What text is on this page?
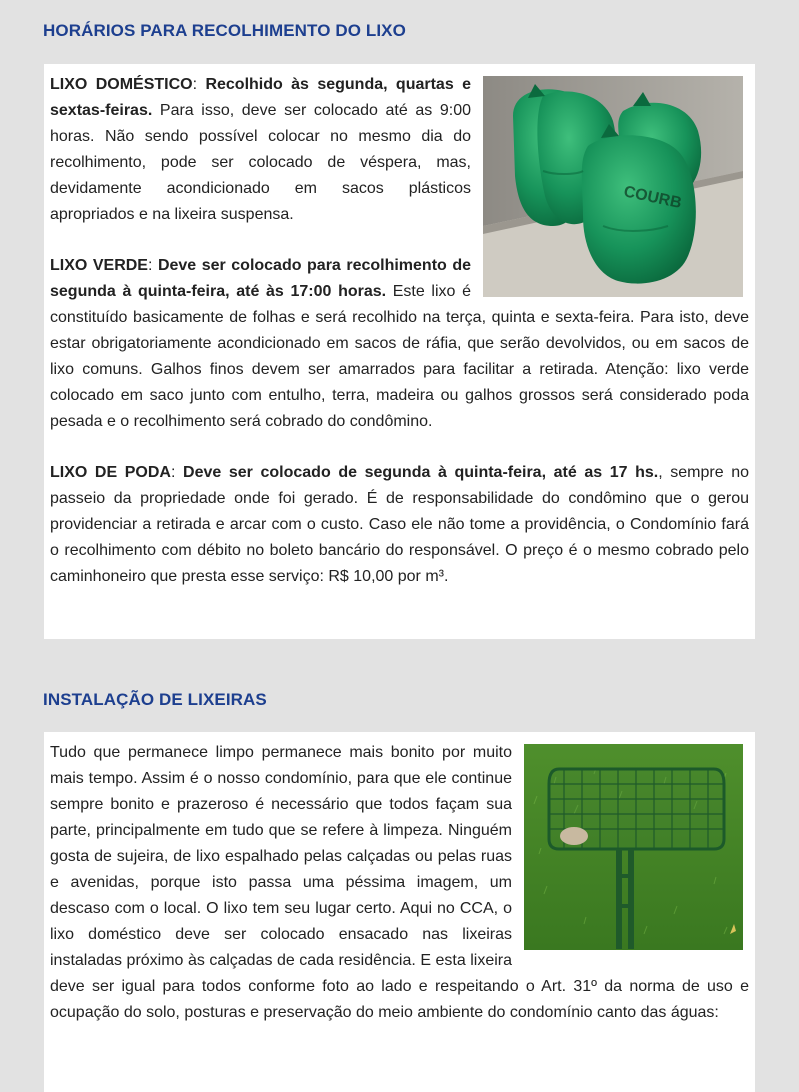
HORÁRIOS PARA RECOLHIMENTO DO LIXO
COURB

LIXO DOMÉSTICO: Recolhido às segunda, quartas e sextas-feiras. Para isso, deve ser colocado até as 9:00 horas. Não sendo possível colocar no mesmo dia do recolhimento, pode ser colocado de véspera, mas, devidamente acondicionado em sacos plásticos apropriados e na lixeira suspensa.

LIXO VERDE: Deve ser colocado para recolhimento de segunda à quinta-feira, até às 17:00 horas. Este lixo é constituído basicamente de folhas e será recolhido na terça, quinta e sexta-feira. Para isto, deve estar obrigatoriamente acondicionado em sacos de ráfia, que serão devolvidos, ou em sacos de lixo comuns. Galhos finos devem ser amarrados para facilitar a retirada. Atenção: lixo verde colocado em saco junto com entulho, terra, madeira ou galhos grossos será considerado poda pesada e o recolhimento será cobrado do condômino.

LIXO DE PODA: Deve ser colocado de segunda à quinta-feira, até as 17 hs., sempre no passeio da propriedade onde foi gerado. É de responsabilidade do condômino que o gerou providenciar a retirada e arcar com o custo. Caso ele não tome a providência, o Condomínio fará o recolhimento com débito no boleto bancário do responsável. O preço é o mesmo cobrado pelo caminhoneiro que presta esse serviço: R$ 10,00 por m³.

INSTALAÇÃO DE LIXEIRAS

Tudo que permanece limpo permanece mais bonito por muito mais tempo. Assim é o nosso condomínio, para que ele continue sempre bonito e prazeroso é necessário que todos façam sua parte, principalmente em tudo que se refere à limpeza. Ninguém gosta de sujeira, de lixo espalhado pelas calçadas ou pelas ruas e avenidas, porque isto passa uma péssima imagem, um descaso com o local. O lixo tem seu lugar certo. Aqui no CCA, o lixo doméstico deve ser colocado ensacado nas lixeiras instaladas próximo às calçadas de cada residência. E esta lixeira deve ser igual para todos conforme foto ao lado e respeitando o Art. 31º da norma de uso e ocupação do solo, posturas e preservação do meio ambiente do condomínio canto das águas:
